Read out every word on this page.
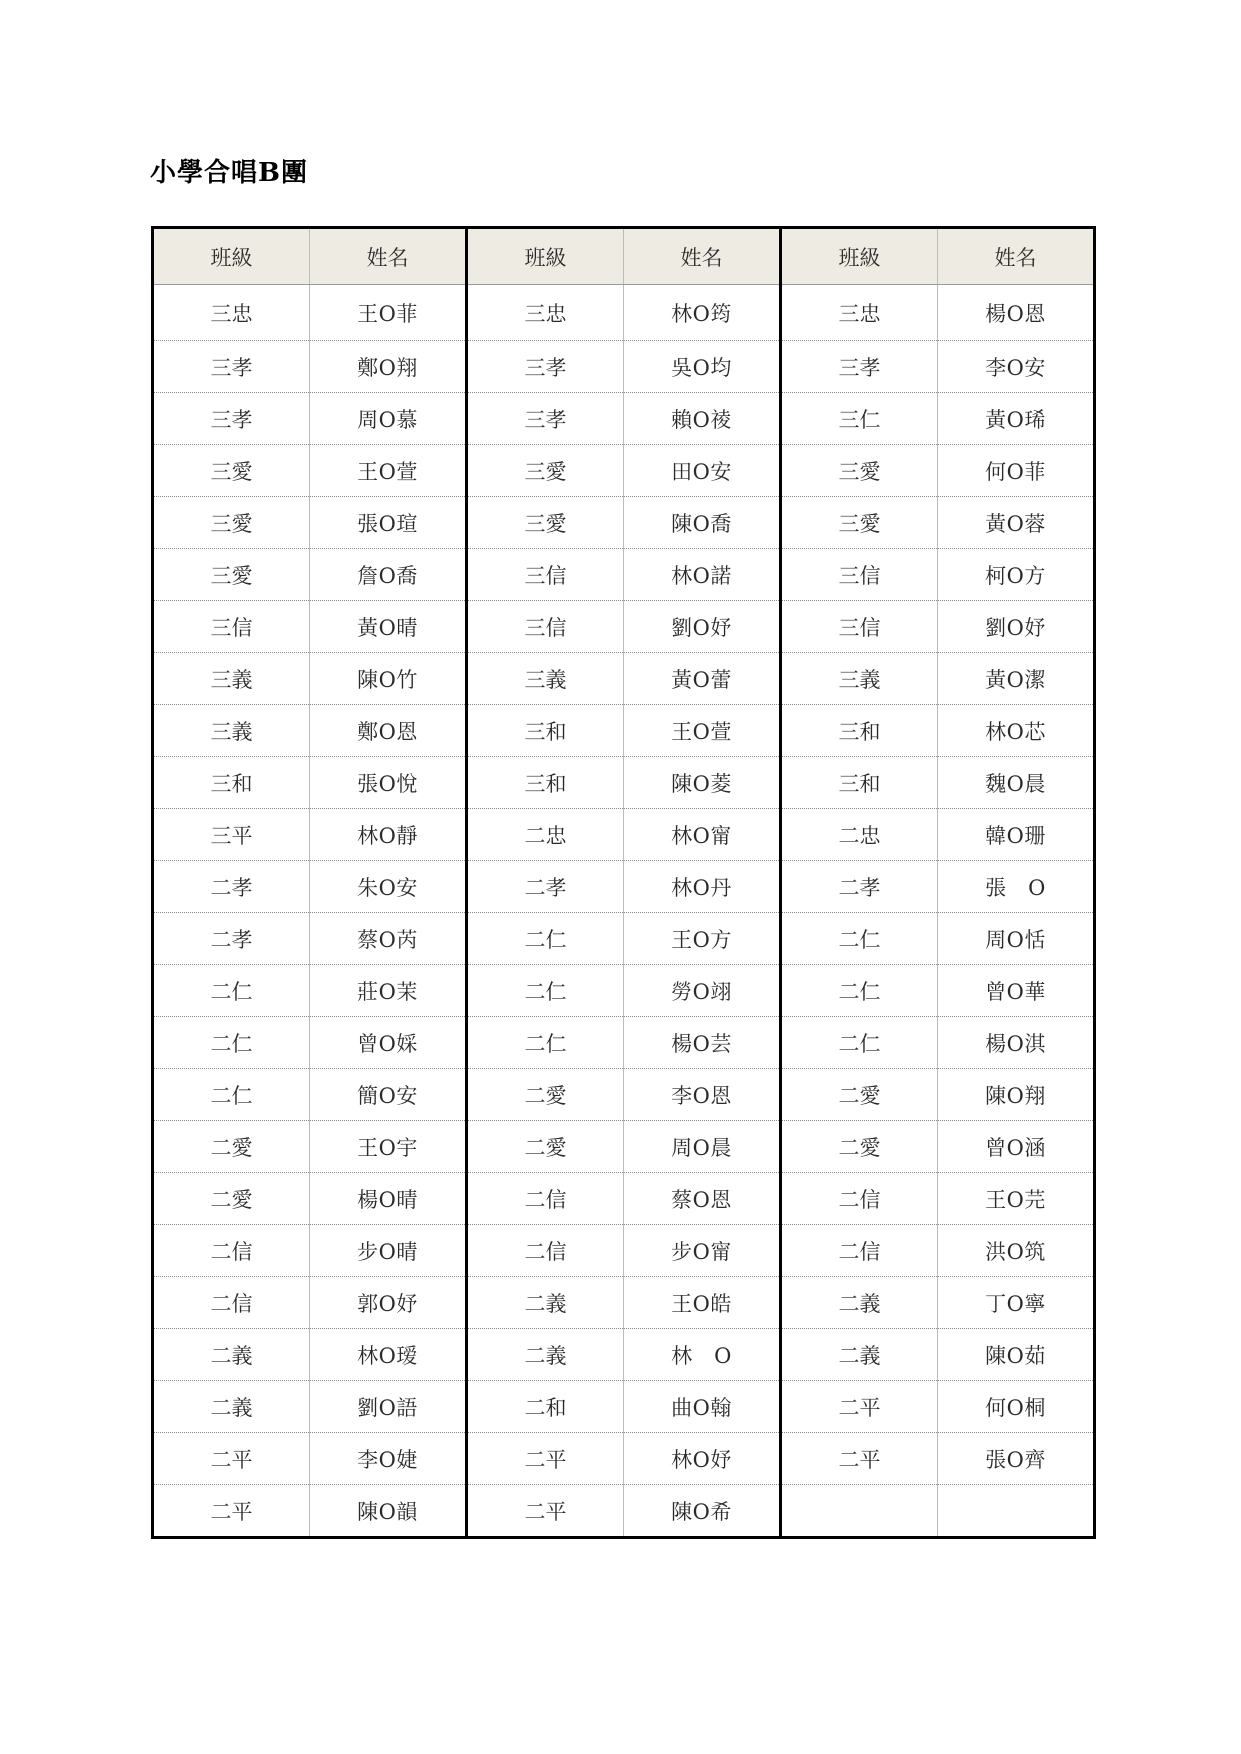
小學合唱B團
班級	姓名	班級	姓名	班級	姓名
三忠	王O菲	三忠	林O筠	三忠	楊O恩
三孝	鄭O翔	三孝	吳O均	三孝	李O安
三孝	周O慕	三孝	賴O祾	三仁	黃O琋
三愛	王O萱	三愛	田O安	三愛	何O菲
三愛	張O瑄	三愛	陳O喬	三愛	黃O蓉
三愛	詹O喬	三信	林O諾	三信	柯O方
三信	黃O晴	三信	劉O妤	三信	劉O妤
三義	陳O竹	三義	黃O蕾	三義	黃O潔
三義	鄭O恩	三和	王O萱	三和	林O芯
三和	張O悅	三和	陳O菱	三和	魏O晨
三平	林O靜	二忠	林O甯	二忠	韓O珊
二孝	朱O安	二孝	林O丹	二孝	張　O
二孝	蔡O芮	二仁	王O方	二仁	周O恬
二仁	莊O茉	二仁	勞O翊	二仁	曾O華
二仁	曾O婇	二仁	楊O芸	二仁	楊O淇
二仁	簡O安	二愛	李O恩	二愛	陳O翔
二愛	王O宇	二愛	周O晨	二愛	曾O涵
二愛	楊O晴	二信	蔡O恩	二信	王O芫
二信	步O晴	二信	步O甯	二信	洪O筑
二信	郭O妤	二義	王O皓	二義	丁O寧
二義	林O瑷	二義	林　O	二義	陳O茹
二義	劉O語	二和	曲O翰	二平	何O桐
二平	李O婕	二平	林O妤	二平	張O齊
二平	陳O韻	二平	陳O希		
